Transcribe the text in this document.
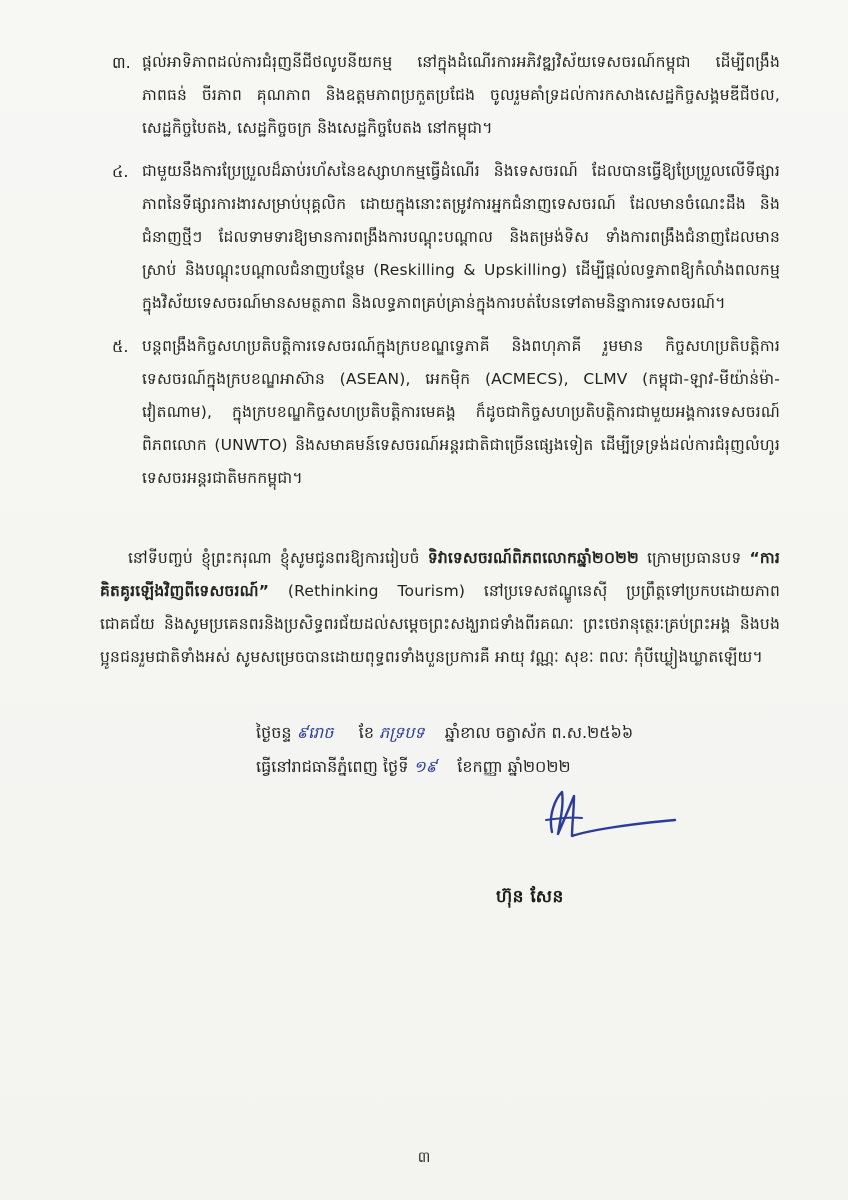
៣. ផ្តល់អាទិភាពដល់ការជំរុញនីជីថលូបនីយកម្ម នៅក្នុងដំណើរការអភិវឌ្ឍវិស័យទេសចរណ៍កម្ពុជា ដើម្បីពង្រឹងភាពធន់ ចីរភាព គុណភាព និងឧត្តមភាពប្រកួតប្រជែង ចូលរួមគាំទ្រដល់ការកសាងសេដ្ឋកិច្ចសង្គមឌីជីថល, សេដ្ឋកិច្ចបៃតង, សេដ្ឋកិច្ចចក្រ និងសេដ្ឋកិច្ចបែតង នៅកម្ពុជា។
៤. ជាមួយនឹងការប្រែប្រួលដ៏ឆាប់រហ័សនៃឧស្សាហកម្មធ្វើដំណើរ និងទេសចរណ៍ ដែលបានធ្វើឱ្យប្រែប្រួលលើទីផ្សារភាពនៃទីផ្សារការងារសម្រាប់បុគ្គលិក ដោយក្នុងនោះតម្រូវការអ្នកជំនាញទេសចរណ៍ ដែលមានចំណេះដឹង និងជំនាញថ្មីៗ ដែលទាមទារឱ្យមានការពង្រឹងការបណ្តុះបណ្តាល និងតម្រង់ទិស ទាំងការពង្រឹងជំនាញដែលមានស្រាប់ និងបណ្តុះបណ្តាលជំនាញបន្ថែម (Reskilling & Upskilling) ដើម្បីផ្តល់លទ្ធភាពឱ្យកំលាំងពលកម្មក្នុងវិស័យទេសចរណ៍មានសមត្ថភាព និងលទ្ធភាពគ្រប់គ្រាន់ក្នុងការបត់បែនទៅតាមនិន្នាការទេសចរណ៍។
៥. បន្តពង្រឹងកិច្ចសហប្រតិបត្តិការទេសចរណ៍ក្នុងក្របខណ្ឌទ្វេភាគី និងពហុភាគី រួមមាន កិច្ចសហប្រតិបត្តិការទេសចរណ៍ក្នុងក្របខណ្ឌអាស៊ាន (ASEAN), អេកម៉ិក (ACMECS), CLMV (កម្ពុជា-ឡាវ-មីយ៉ាន់ម៉ា-វៀតណាម), ក្នុងក្របខណ្ឌកិច្ចសហប្រតិបត្តិការមេគង្គ ក៏ដូចជាកិច្ចសហប្រតិបត្តិការជាមួយអង្គការទេសចរណ៍ពិភពលោក (UNWTO) និងសមាគមន៍ទេសចរណ៍អន្តរជាតិជាច្រើនផ្សេងទៀត ដើម្បីទ្រទ្រង់ដល់ការជំរុញលំហូរទេសចរអន្តរជាតិមកកម្ពុជា។

នៅទីបញ្ចប់ ខ្ញុំព្រះករុណា ខ្ញុំសូមជូនពរឱ្យការរៀបចំ ទិវាទេសចរណ៍ពិភពលោកឆ្នាំ២០២២ ក្រោមប្រធានបទ “ការគិតគូរឡើងវិញពីទេសចរណ៍” (Rethinking Tourism) នៅប្រទេសឥណ្ឌូនេស៊ី ប្រព្រឹត្តទៅប្រកបដោយភាពជោគជ័យ និងសូមប្រគេនពរនិងប្រសិទ្ធពរជ័យដល់សម្តេចព្រះសង្ឃរាជទាំងពីរគណៈ ព្រះថេរានុត្ថេរៈគ្រប់ព្រះអង្គ និងបងប្អូនជនរួមជាតិទាំងអស់ សូមសម្រេចបានដោយពុទ្ធពរទាំងបួនប្រការគឺ អាយុ វណ្ណៈ សុខៈ ពលៈ កុំបីឃ្លៀងឃ្លាតឡើយ។

ថ្ងៃចន្ទ ៩រោច ខែ ភទ្របទ ឆ្នាំខាល ចត្វាស័ក ព.ស.២៥៦៦
ធ្វើនៅរាជធានីភ្នំពេញ ថ្ងៃទី ១៩ ខែកញ្ញា ឆ្នាំ២០២២
ហ៊ុន សែន
៣
